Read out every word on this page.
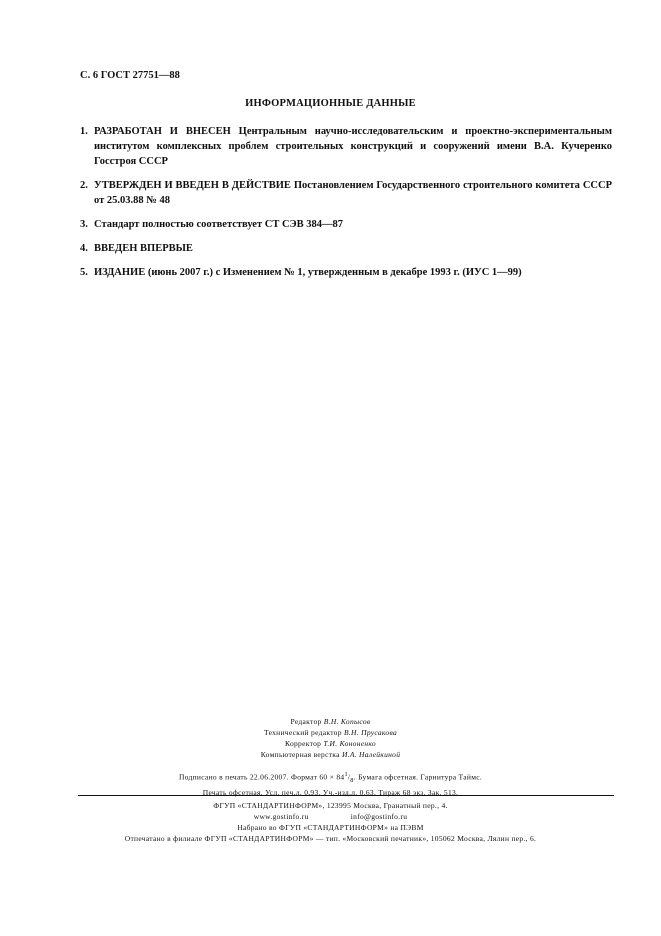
С. 6 ГОСТ 27751—88
ИНФОРМАЦИОННЫЕ ДАННЫЕ
1. РАЗРАБОТАН И ВНЕСЕН Центральным научно-исследовательским и проектно-экспериментальным институтом комплексных проблем строительных конструкций и сооружений имени В.А. Кучеренко Госстроя СССР
2. УТВЕРЖДЕН И ВВЕДЕН В ДЕЙСТВИЕ Постановлением Государственного строительного комитета СССР от 25.03.88 № 48
3. Стандарт полностью соответствует СТ СЭВ 384—87
4. ВВЕДЕН ВПЕРВЫЕ
5. ИЗДАНИЕ (июнь 2007 г.) с Изменением № 1, утвержденным в декабре 1993 г. (ИУС 1—99)
Редактор В.Н. Копысов
Технический редактор В.Н. Прусакова
Корректор Т.И. Кононенко
Компьютерная верстка И.А. Налейкиной
Подписано в печать 22.06.2007. Формат $60 \times 84^1/_8$. Бумага офсетная. Гарнитура Таймс.
Печать офсетная. Усл. печ.л. 0,93. Уч.-изд.л. 0,63. Тираж 68 экз. Зак. 513.
ФГУП «СТАНДАРТИНФОРМ», 123995 Москва, Гранатный пер., 4.
www.gostinfo.ru	info@gostinfo.ru
Набрано во ФГУП «СТАНДАРТИНФОРМ» на ПЭВМ
Отпечатано в филиале ФГУП «СТАНДАРТИНФОРМ» — тип. «Московский печатник», 105062 Москва, Лялин пер., 6.
